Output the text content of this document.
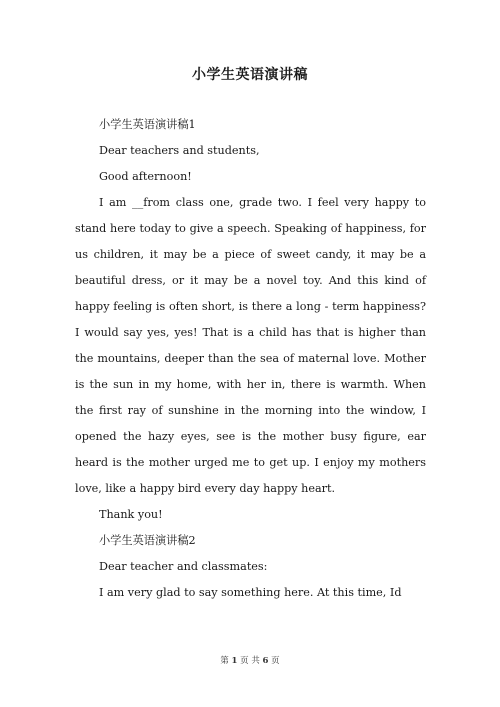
小学生英语演讲稿

小学生英语演讲稿1

Dear teachers and students,

Good afternoon!

I am __from class one, grade two. I feel very happy to stand here today to give a speech. Speaking of happiness, for us children, it may be a piece of sweet candy, it may be a beautiful dress, or it may be a novel toy. And this kind of happy feeling is often short, is there a long - term happiness? I would say yes, yes! That is a child has that is higher than the mountains, deeper than the sea of maternal love. Mother is the sun in my home, with her in, there is warmth. When the first ray of sunshine in the morning into the window, I opened the hazy eyes, see is the mother busy figure, ear heard is the mother urged me to get up. I enjoy my mothers love, like a happy bird every day happy heart.

Thank you!

小学生英语演讲稿2

Dear teacher and classmates:

I am very glad to say something here. At this time, Id

第 1 页 共 6 页
